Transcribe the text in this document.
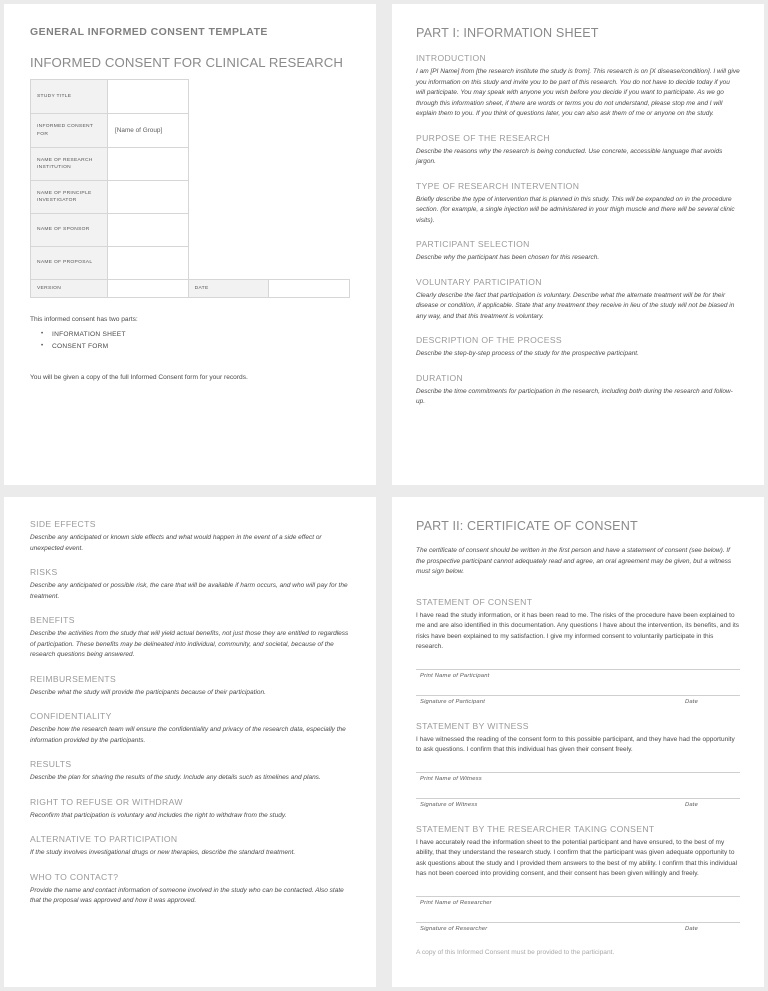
GENERAL INFORMED CONSENT TEMPLATE
INFORMED CONSENT FOR CLINICAL RESEARCH
STUDY TITLE			
INFORMED CONSENT FOR	[Name of Group]		
NAME OF RESEARCH INSTITUTION			
NAME OF PRINCIPLE INVESTIGATOR			
NAME OF SPONSOR			
NAME OF PROPOSAL			
VERSION		DATE	

This informed consent has two parts:

• INFORMATION SHEET
• CONSENT FORM

You will be given a copy of the full Informed Consent form for your records.

PART I: INFORMATION SHEET
INTRODUCTION

I am [PI Name] from [the research institute the study is from]. This research is on [X disease/condition]. I will give you information on this study and invite you to be part of this research. You do not have to decide today if you will participate. You may speak with anyone you wish before you decide if you want to participate. As we go through this information sheet, if there are words or terms you do not understand, please stop me and I will explain them to you. If you think of questions later, you can also ask them of me or anyone on the study.

PURPOSE OF THE RESEARCH

Describe the reasons why the research is being conducted. Use concrete, accessible language that avoids jargon.

TYPE OF RESEARCH INTERVENTION

Briefly describe the type of intervention that is planned in this study. This will be expanded on in the procedure section. (for example, a single injection will be administered in your thigh muscle and there will be several clinic visits).

PARTICIPANT SELECTION

Describe why the participant has been chosen for this research.

VOLUNTARY PARTICIPATION

Clearly describe the fact that participation is voluntary. Describe what the alternate treatment will be for their disease or condition, if applicable. State that any treatment they receive in lieu of the study will not be biased in any way, and that this treatment is voluntary.

DESCRIPTION OF THE PROCESS

Describe the step-by-step process of the study for the prospective participant.

DURATION

Describe the time commitments for participation in the research, including both during the research and follow-up.

SIDE EFFECTS

Describe any anticipated or known side effects and what would happen in the event of a side effect or unexpected event.

RISKS

Describe any anticipated or possible risk, the care that will be available if harm occurs, and who will pay for the treatment.

BENEFITS

Describe the activities from the study that will yield actual benefits, not just those they are entitled to regardless of participation. These benefits may be delineated into individual, community, and societal, because of the research questions being answered.

REIMBURSEMENTS

Describe what the study will provide the participants because of their participation.

CONFIDENTIALITY

Describe how the research team will ensure the confidentiality and privacy of the research data, especially the information provided by the participants.

RESULTS

Describe the plan for sharing the results of the study. Include any details such as timelines and plans.

RIGHT TO REFUSE OR WITHDRAW

Reconfirm that participation is voluntary and includes the right to withdraw from the study.

ALTERNATIVE TO PARTICIPATION

If the study involves investigational drugs or new therapies, describe the standard treatment.

WHO TO CONTACT?

Provide the name and contact information of someone involved in the study who can be contacted. Also state that the proposal was approved and how it was approved.

PART II: CERTIFICATE OF CONSENT

The certificate of consent should be written in the first person and have a statement of consent (see below). If the prospective participant cannot adequately read and agree, an oral agreement may be given, but a witness must sign below.

STATEMENT OF CONSENT

I have read the study information, or it has been read to me. The risks of the procedure have been explained to me and are also identified in this documentation. Any questions I have about the intervention, its benefits, and its risks have been explained to my satisfaction. I give my informed consent to voluntarily participate in this research.

Print Name of Participant
Signature of Participant	Date
STATEMENT BY WITNESS

I have witnessed the reading of the consent form to this possible participant, and they have had the opportunity to ask questions. I confirm that this individual has given their consent freely.

Print Name of Witness
Signature of Witness	Date
STATEMENT BY THE RESEARCHER TAKING CONSENT

I have accurately read the information sheet to the potential participant and have ensured, to the best of my ability, that they understand the research study. I confirm that the participant was given adequate opportunity to ask questions about the study and I provided them answers to the best of my ability. I confirm that this individual has not been coerced into providing consent, and their consent has been given willingly and freely.

Print Name of Researcher
Signature of Researcher	Date

A copy of this Informed Consent must be provided to the participant.
